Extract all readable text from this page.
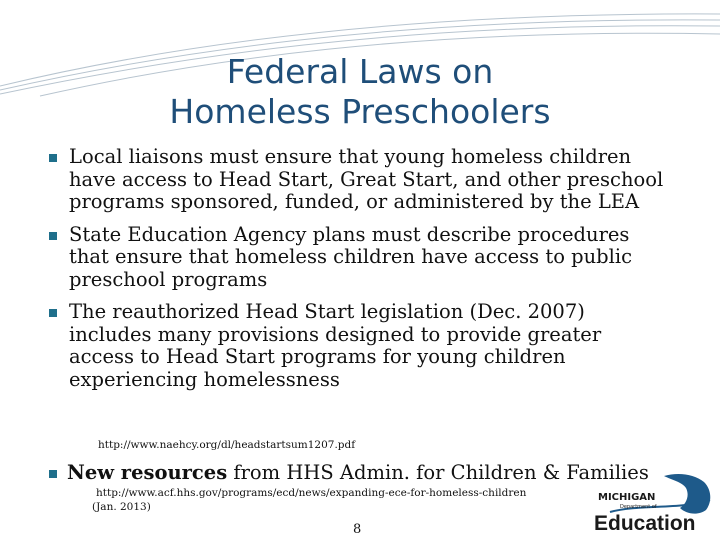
Federal Laws on
Homeless Preschoolers
Local liaisons must ensure that young homeless children have access to Head Start, Great Start, and other preschool programs sponsored, funded, or administered by the LEA
State Education Agency plans must describe procedures that ensure that homeless children have access to public preschool programs
The reauthorized Head Start legislation (Dec. 2007) includes many provisions designed to provide greater access to Head Start programs for young children experiencing homelessness
http://www.naehcy.org/dl/headstartsum1207.pdf
New resources from HHS Admin. for Children & Families
http://www.acf.hhs.gov/programs/ecd/news/expanding-ece-for-homeless-children
(Jan. 2013)
8
MICHIGAN
Department of
Education
